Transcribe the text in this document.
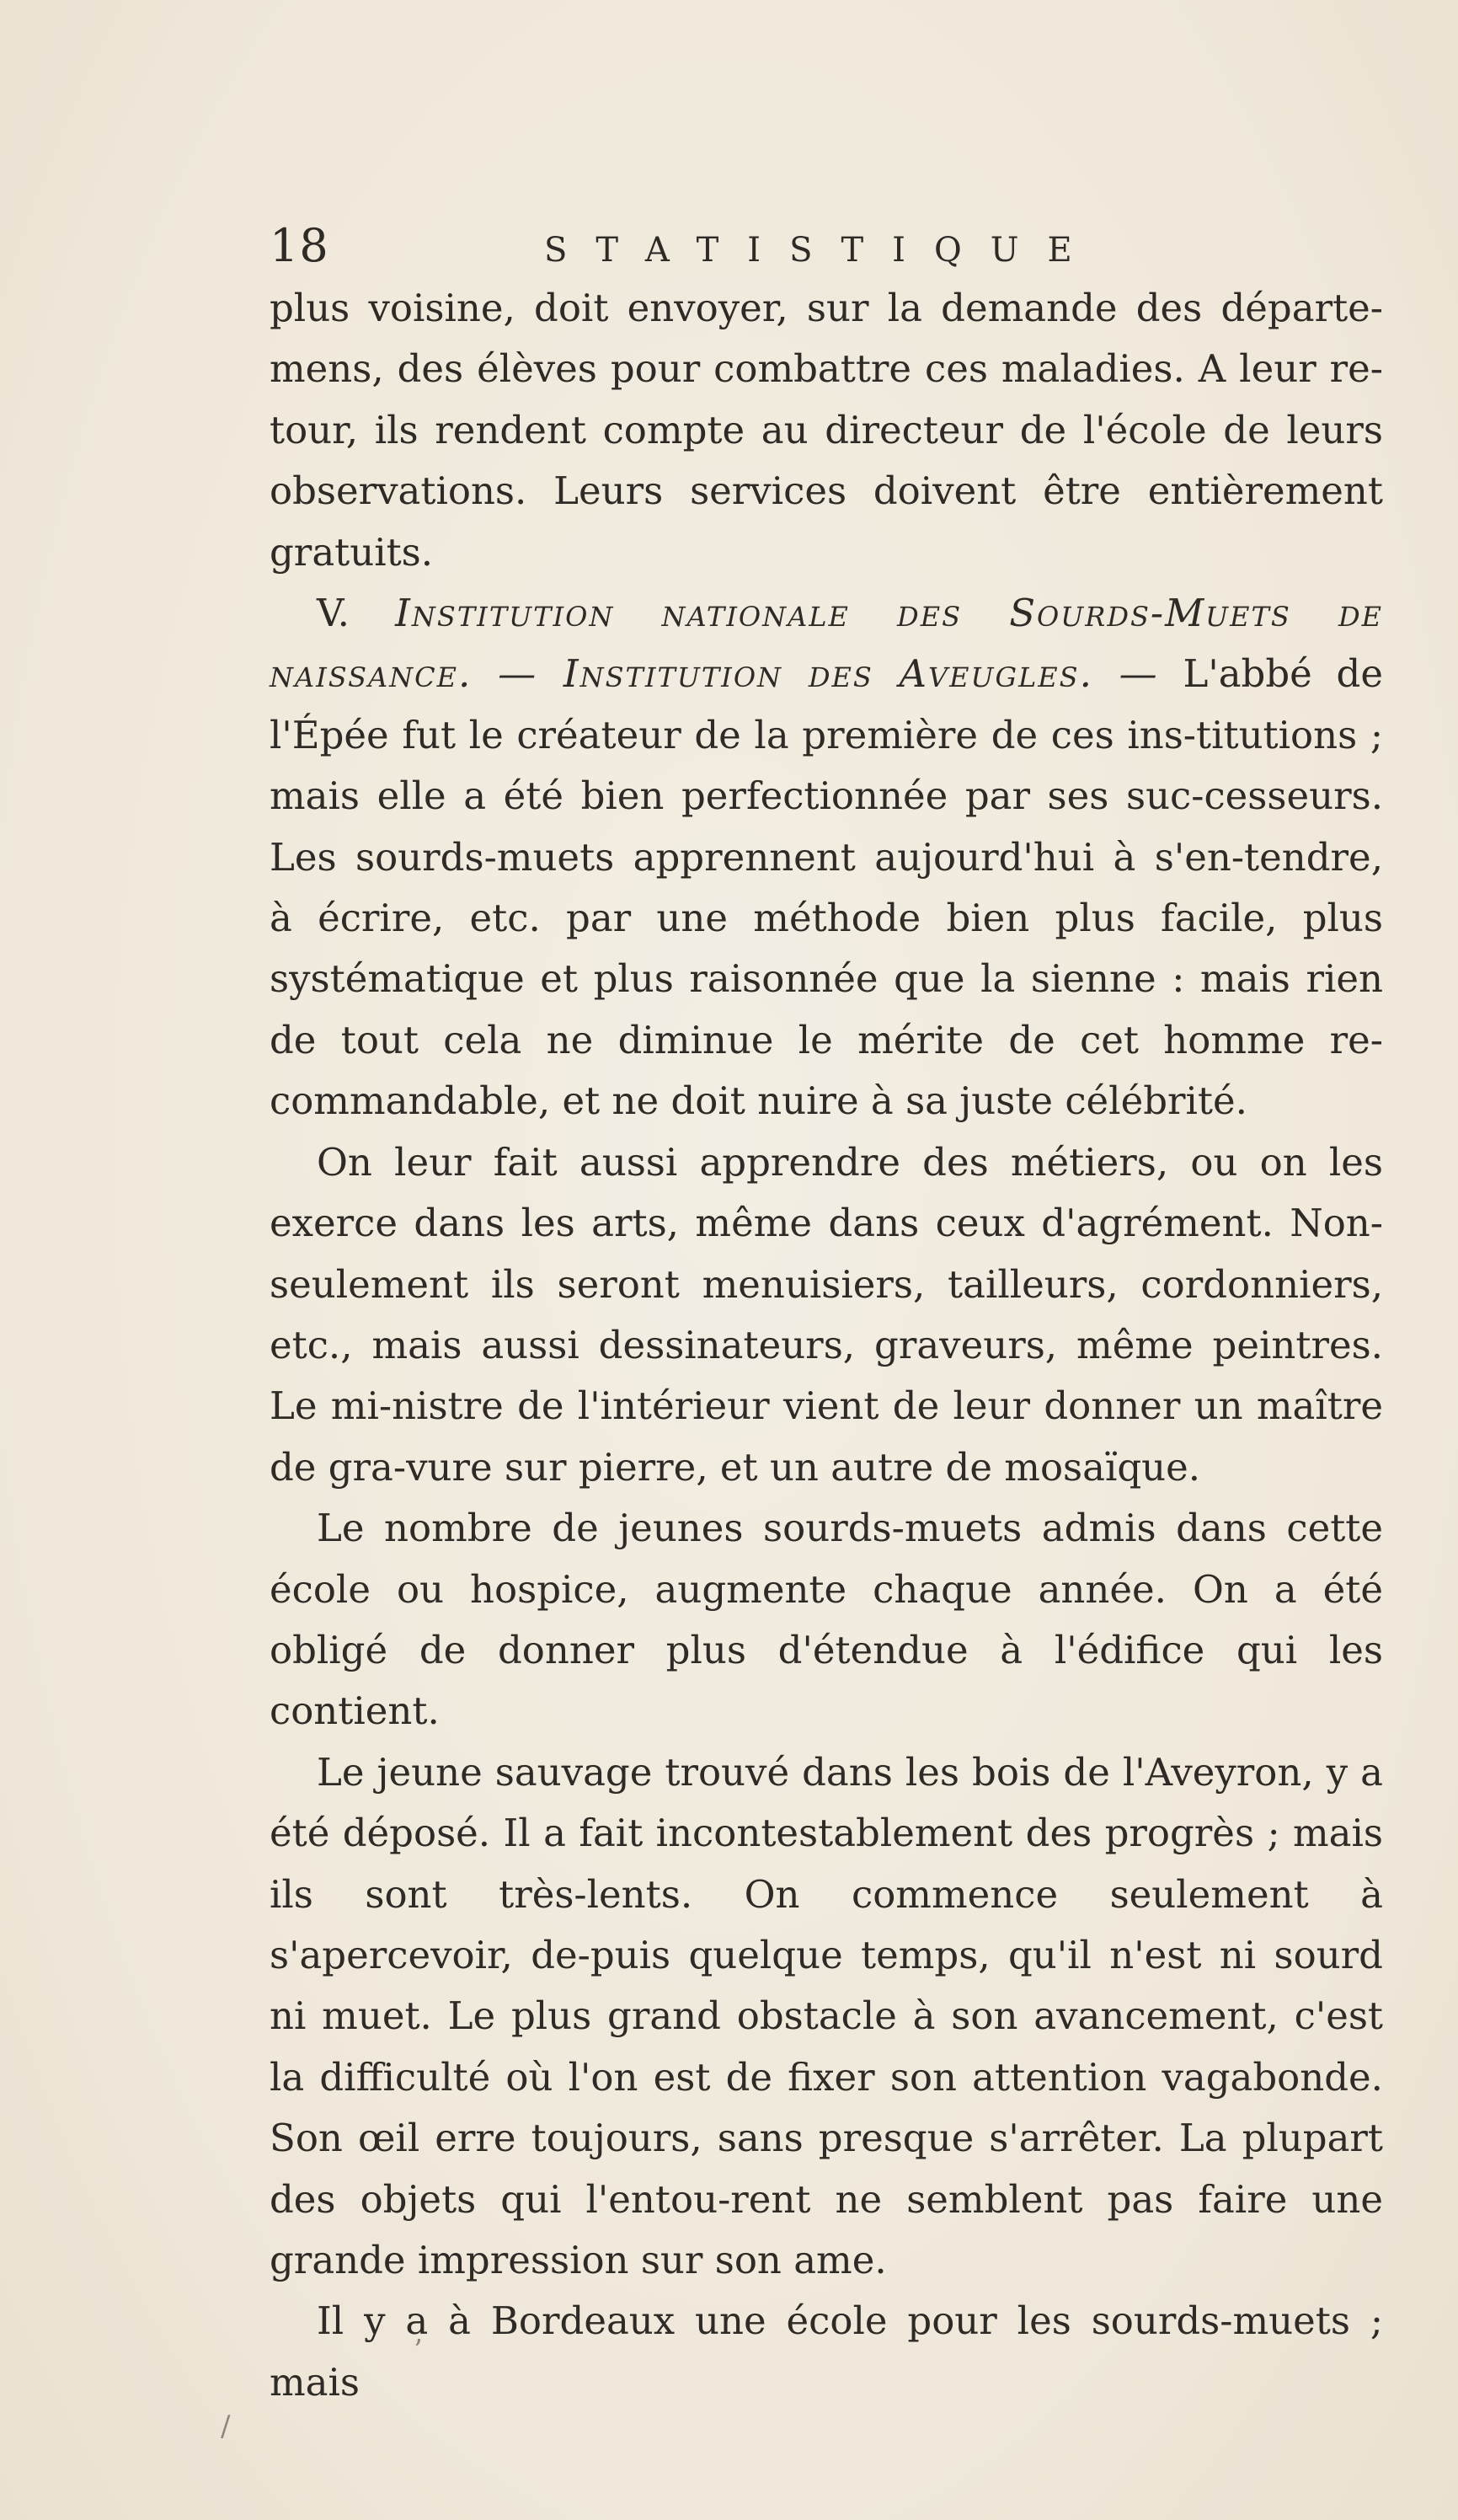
18	STATISTIQUE

plus voisine, doit envoyer, sur la demande des départe-mens, des élèves pour combattre ces maladies. A leur re-tour, ils rendent compte au directeur de l'école de leurs observations. Leurs services doivent être entièrement gratuits.

V. Institution nationale des Sourds-Muets de naissance. — Institution des Aveugles. — L'abbé de l'Épée fut le créateur de la première de ces ins-titutions ; mais elle a été bien perfectionnée par ses suc-cesseurs. Les sourds-muets apprennent aujourd'hui à s'en-tendre, à écrire, etc. par une méthode bien plus facile, plus systématique et plus raisonnée que la sienne : mais rien de tout cela ne diminue le mérite de cet homme re-commandable, et ne doit nuire à sa juste célébrité.

On leur fait aussi apprendre des métiers, ou on les exerce dans les arts, même dans ceux d'agrément. Non-seulement ils seront menuisiers, tailleurs, cordonniers, etc., mais aussi dessinateurs, graveurs, même peintres. Le mi-nistre de l'intérieur vient de leur donner un maître de gra-vure sur pierre, et un autre de mosaïque.

Le nombre de jeunes sourds-muets admis dans cette école ou hospice, augmente chaque année. On a été obligé de donner plus d'étendue à l'édifice qui les contient.

Le jeune sauvage trouvé dans les bois de l'Aveyron, y a été déposé. Il a fait incontestablement des progrès ; mais ils sont très-lents. On commence seulement à s'apercevoir, de-puis quelque temps, qu'il n'est ni sourd ni muet. Le plus grand obstacle à son avancement, c'est la difficulté où l'on est de fixer son attention vagabonde. Son œil erre toujours, sans presque s'arrêter. La plupart des objets qui l'entou-rent ne semblent pas faire une grande impression sur son ame.

Il y a à Bordeaux une école pour les sourds-muets ; mais

ʼ
/
